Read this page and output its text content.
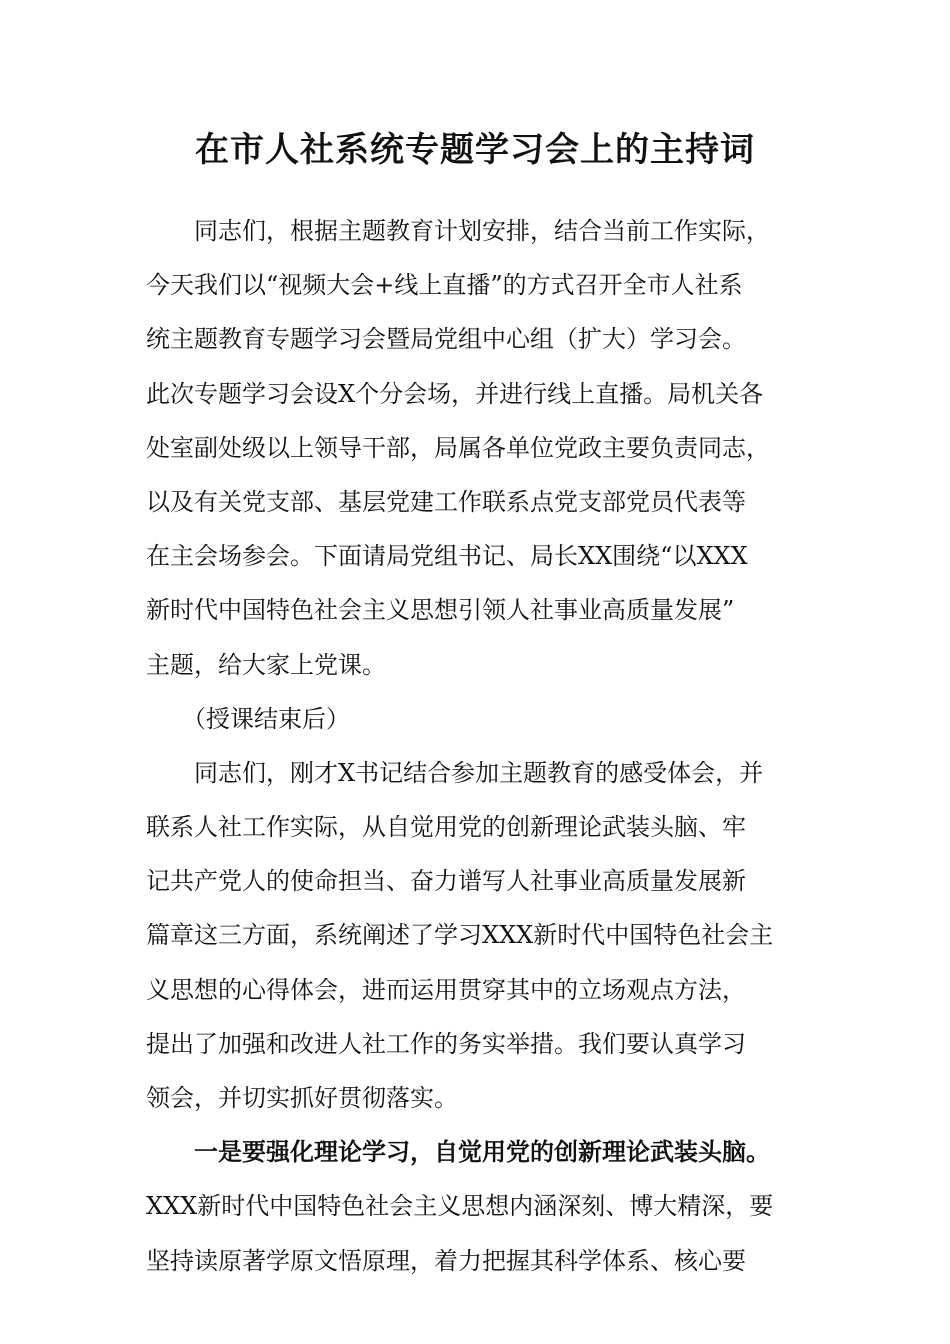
在市人社系统专题学习会上的主持词
　　同志们，根据主题教育计划安排，结合当前工作实际，
今天我们以“视频大会+线上直播”的方式召开全市人社系
统主题教育专题学习会暨局党组中心组（扩大）学习会。
此次专题学习会设X个分会场，并进行线上直播。局机关各
处室副处级以上领导干部，局属各单位党政主要负责同志，
以及有关党支部、基层党建工作联系点党支部党员代表等
在主会场参会。下面请局党组书记、局长XX围绕“以XXX
新时代中国特色社会主义思想引领人社事业高质量发展”
主题，给大家上党课。
　　（授课结束后）
　　同志们，刚才X书记结合参加主题教育的感受体会，并
联系人社工作实际，从自觉用党的创新理论武装头脑、牢
记共产党人的使命担当、奋力谱写人社事业高质量发展新
篇章这三方面，系统阐述了学习XXX新时代中国特色社会主
义思想的心得体会，进而运用贯穿其中的立场观点方法，
提出了加强和改进人社工作的务实举措。我们要认真学习
领会，并切实抓好贯彻落实。
　　一是要强化理论学习，自觉用党的创新理论武装头脑。
XXX新时代中国特色社会主义思想内涵深刻、博大精深，要
坚持读原著学原文悟原理，着力把握其科学体系、核心要
